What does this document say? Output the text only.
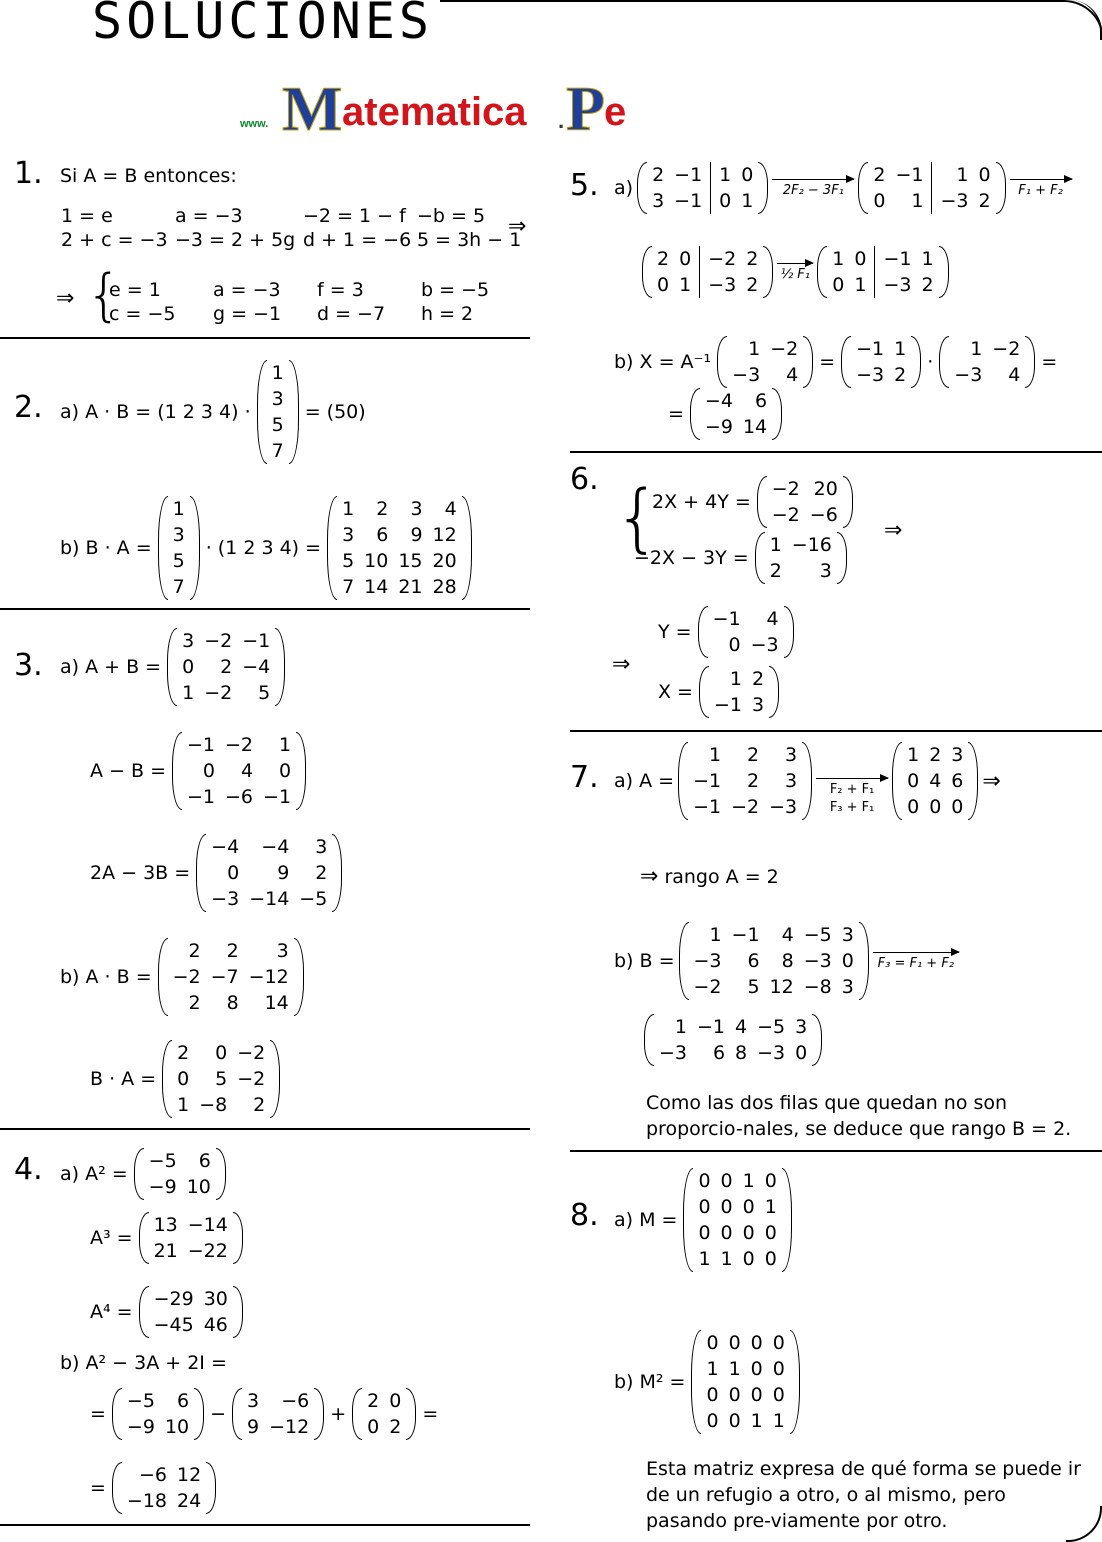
SOLUCIONES
www. M atematica . P
e
1. Si A = B entonces:
1 = e	a = −3	−2 = 1 − f	−b = 5
2 + c = −3	−3 = 2 + 5g	d + 1 = −6	5 = 3h − 1
⇒
⇒ {
e = 1	a = −3	f = 3	b = −5
c = −5	g = −1	d = −7	h = 2
2. a) A · B = (1 2 3 4) ·
1
3
5
7
= (50)
b) B · A =
1
3
5
7
· (1 2 3 4) =
1	2	3	4
3	6	9	12
5	10	15	20
7	14	21	28
3. a) A + B =
3	−2	−1
0	2	−4
1	−2	5
A − B =
−1	−2	1
0	4	0
−1	−6	−1
2A − 3B =
−4	−4	3
0	9	2
−3	−14	−5
b) A · B =
2	2	3
−2	−7	−12
2	8	14
B · A =
2	0	−2
0	5	−2
1	−8	2
4. a) A² =
−5	6
−9	10
A³ =
13	−14
21	−22
A⁴ =
−29	30
−45	46
b) A² − 3A + 2I =
=
−5	6
−9	10
−
3	−6
9	−12
+
2	0
0	2
=
=
−6	12
−18	24
5. a)
2	−1	1	0
3	−1	0	1	2F₂ − 3F₁
2	−1	1	0
0	1	−3	2	F₁ + F₂
2	0	−2	2
0	1	−3	2 ½ F₁
1	0	−1	1
0	1	−3	2
b) X = A⁻¹
1	−2
−3	4
=
−1	1
−3	2
·
1	−2
−3	4
=
=
−4	6
−9	14
6. {
2X + 4Y =
−2	20
−2	−6
⇒
−2X − 3Y =
1	−16
2	3
⇒
Y =
−1	4
0	−3
X =
1	2
−1	3
7. a) A =
1	2	3
−1	2	3
−1	−2	−3
F₂ + F₁
F₃ + F₁
1	2	3
0	4	6
0	0	0
⇒
⇒ rango A = 2
b) B =
1	−1	4	−5	3
−3	6	8	−3	0
−2	5	12	−8	3
F₃ = F₁ + F₂
1	−1	4	−5	3
−3	6	8	−3	0
Como las dos filas que quedan no son proporcio-nales, se deduce que rango B = 2.
8. a) M =
0	0	1	0
0	0	0	1
0	0	0	0
1	1	0	0
b) M² =
0	0	0	0
1	1	0	0
0	0	0	0
0	0	1	1
Esta matriz expresa de qué forma se puede ir de un refugio a otro, o al mismo, pero pasando pre-viamente por otro.
